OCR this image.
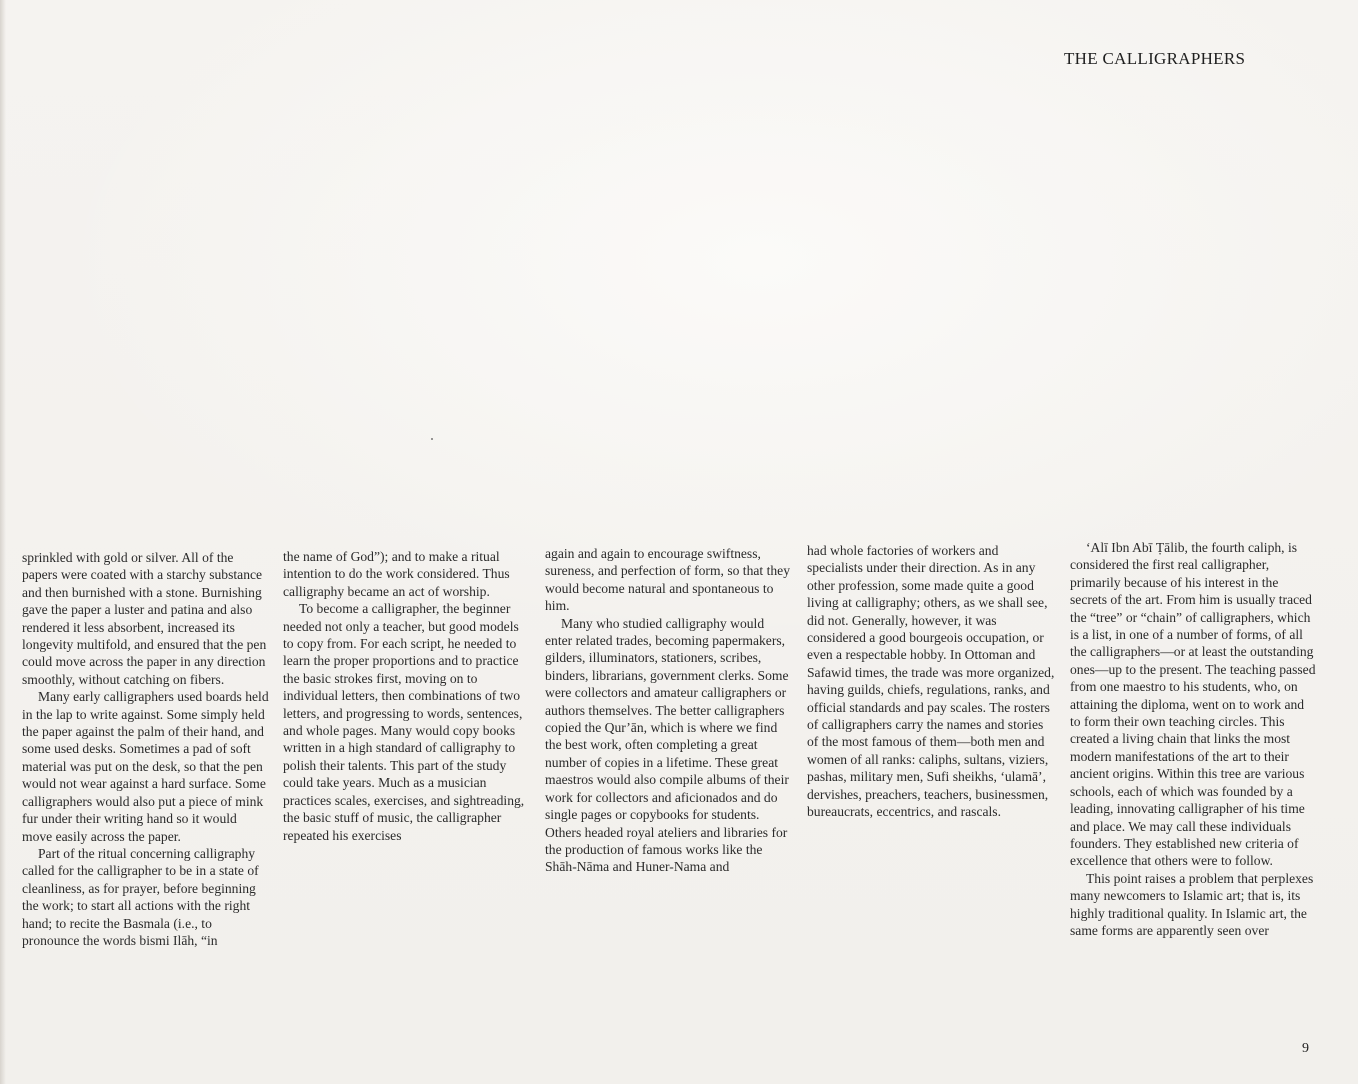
THE CALLIGRAPHERS

sprinkled with gold or silver. All of the papers were coated with a starchy substance and then burnished with a stone. Burnishing gave the paper a luster and patina and also rendered it less absorbent, increased its longevity multifold, and ensured that the pen could move across the paper in any direction smoothly, without catching on fibers.

Many early calligraphers used boards held in the lap to write against. Some simply held the paper against the palm of their hand, and some used desks. Sometimes a pad of soft material was put on the desk, so that the pen would not wear against a hard surface. Some calligraphers would also put a piece of mink fur under their writing hand so it would move easily across the paper.

Part of the ritual concerning calligraphy called for the calligrapher to be in a state of cleanliness, as for prayer, before beginning the work; to start all actions with the right hand; to recite the Basmala (i.e., to pronounce the words bismi Ilāh, “in

the name of God”); and to make a ritual intention to do the work considered. Thus calligraphy became an act of worship.

To become a calligrapher, the beginner needed not only a teacher, but good models to copy from. For each script, he needed to learn the proper proportions and to practice the basic strokes first, moving on to individual letters, then combinations of two letters, and progressing to words, sentences, and whole pages. Many would copy books written in a high standard of calligraphy to polish their talents. This part of the study could take years. Much as a musician practices scales, exercises, and sightreading, the basic stuff of music, the calligrapher repeated his exercises

again and again to encourage swiftness, sureness, and perfection of form, so that they would become natural and spontaneous to him.

Many who studied calligraphy would enter related trades, becoming papermakers, gilders, illuminators, stationers, scribes, binders, librarians, government clerks. Some were collectors and amateur calligraphers or authors themselves. The better calligraphers copied the Qur’ān, which is where we find the best work, often completing a great number of copies in a lifetime. These great maestros would also compile albums of their work for collectors and aficionados and do single pages or copybooks for students. Others headed royal ateliers and libraries for the production of famous works like the Shāh-Nāma and Huner-Nama and

had whole factories of workers and specialists under their direction. As in any other profession, some made quite a good living at calligraphy; others, as we shall see, did not. Generally, however, it was considered a good bourgeois occupation, or even a respectable hobby. In Ottoman and Safawid times, the trade was more organized, having guilds, chiefs, regulations, ranks, and official standards and pay scales. The rosters of calligraphers carry the names and stories of the most famous of them—both men and women of all ranks: caliphs, sultans, viziers, pashas, military men, Sufi sheikhs, ‘ulamā’, dervishes, preachers, teachers, businessmen, bureaucrats, eccentrics, and rascals.

‘Alī Ibn Abī Ṭālib, the fourth caliph, is considered the first real calligrapher, primarily because of his interest in the secrets of the art. From him is usually traced the “tree” or “chain” of calligraphers, which is a list, in one of a number of forms, of all the calligraphers—or at least the outstanding ones—up to the present. The teaching passed from one maestro to his students, who, on attaining the diploma, went on to work and to form their own teaching circles. This created a living chain that links the most modern manifestations of the art to their ancient origins. Within this tree are various schools, each of which was founded by a leading, innovating calligrapher of his time and place. We may call these individuals founders. They established new criteria of excellence that others were to follow.

This point raises a problem that perplexes many newcomers to Islamic art; that is, its highly traditional quality. In Islamic art, the same forms are apparently seen over

9
